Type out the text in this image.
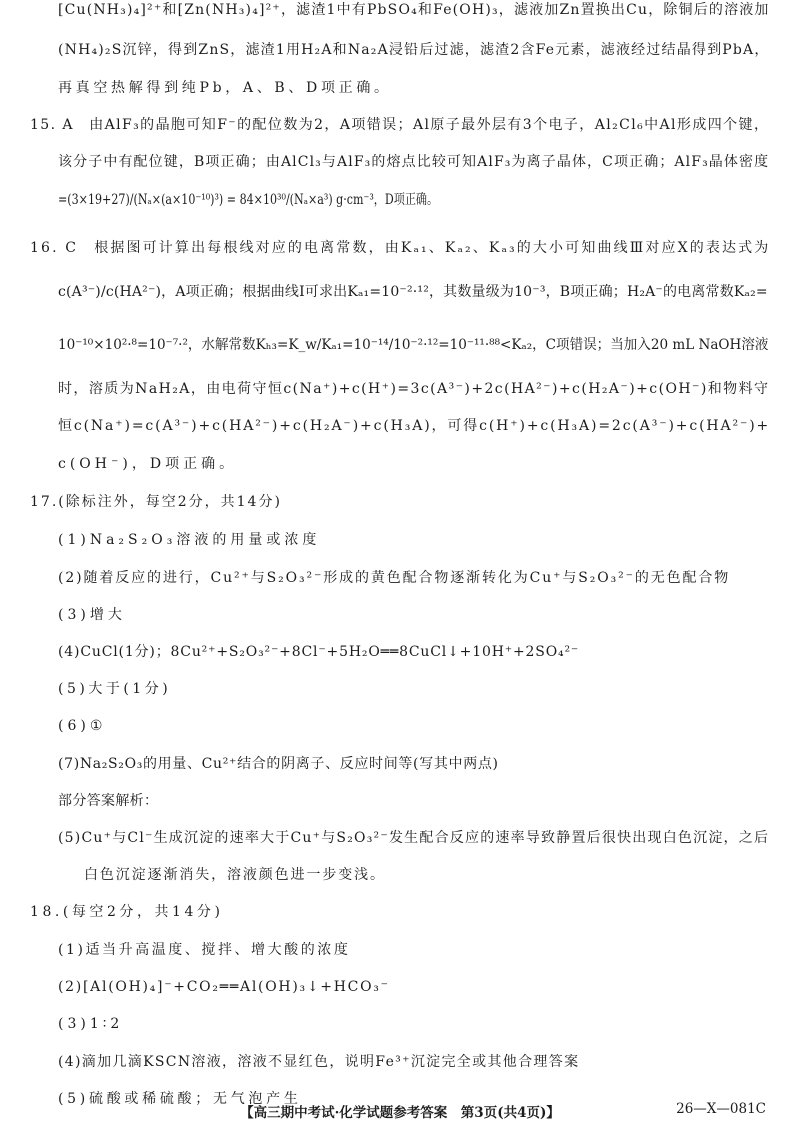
[Cu(NH₃)₄]²⁺和[Zn(NH₃)₄]²⁺，滤渣1中有PbSO₄和Fe(OH)₃，滤液加Zn置换出Cu，除铜后的溶液加
(NH₄)₂S沉锌，得到ZnS，滤渣1用H₂A和Na₂A浸铅后过滤，滤渣2含Fe元素，滤液经过结晶得到PbA，
再真空热解得到纯Pb，A、B、D项正确。
15. A　由AlF₃的晶胞可知F⁻的配位数为2，A项错误；Al原子最外层有3个电子，Al₂Cl₆中Al形成四个键，
该分子中有配位键，B项正确；由AlCl₃与AlF₃的熔点比较可知AlF₃为离子晶体，C项正确；AlF₃晶体密度
=(3×19+27)/(Nₐ×(a×10⁻¹⁰)³) = 84×10³⁰/(Nₐ×a³) g·cm⁻³，D项正确。
16. C　根据图可计算出每根线对应的电离常数，由Kₐ₁、Kₐ₂、Kₐ₃的大小可知曲线Ⅲ对应X的表达式为
c(A³⁻)/c(HA²⁻)，A项正确；根据曲线Ⅰ可求出Kₐ₁=10⁻²·¹²，其数量级为10⁻³，B项正确；H₂A⁻的电离常数Kₐ₂=
10⁻¹⁰×10²·⁸=10⁻⁷·²，水解常数Kₕ₃=K_w/Kₐ₁=10⁻¹⁴/10⁻²·¹²=10⁻¹¹·⁸⁸<Kₐ₂，C项错误；当加入20 mL NaOH溶液
时，溶质为NaH₂A，由电荷守恒c(Na⁺)+c(H⁺)=3c(A³⁻)+2c(HA²⁻)+c(H₂A⁻)+c(OH⁻)和物料守
恒c(Na⁺)=c(A³⁻)+c(HA²⁻)+c(H₂A⁻)+c(H₃A)，可得c(H⁺)+c(H₃A)=2c(A³⁻)+c(HA²⁻)+
c(OH⁻)，D项正确。
17.(除标注外，每空2分，共14分)
(1)Na₂S₂O₃溶液的用量或浓度
(2)随着反应的进行，Cu²⁺与S₂O₃²⁻形成的黄色配合物逐渐转化为Cu⁺与S₂O₃²⁻的无色配合物
(3)增大
(4)CuCl(1分)；8Cu²⁺+S₂O₃²⁻+8Cl⁻+5H₂O══8CuCl↓+10H⁺+2SO₄²⁻
(5)大于(1分)
(6)①
(7)Na₂S₂O₃的用量、Cu²⁺结合的阴离子、反应时间等(写其中两点)
部分答案解析：
(5)Cu⁺与Cl⁻生成沉淀的速率大于Cu⁺与S₂O₃²⁻发生配合反应的速率导致静置后很快出现白色沉淀，之后
白色沉淀逐渐消失，溶液颜色进一步变浅。
18.(每空2分，共14分)
(1)适当升高温度、搅拌、增大酸的浓度
(2)[Al(OH)₄]⁻+CO₂══Al(OH)₃↓+HCO₃⁻
(3)1∶2
(4)滴加几滴KSCN溶液，溶液不显红色，说明Fe³⁺沉淀完全或其他合理答案
(5)硫酸或稀硫酸；无气泡产生
【高三期中考试·化学试题参考答案　第3页(共4页)】	26—X—081C
